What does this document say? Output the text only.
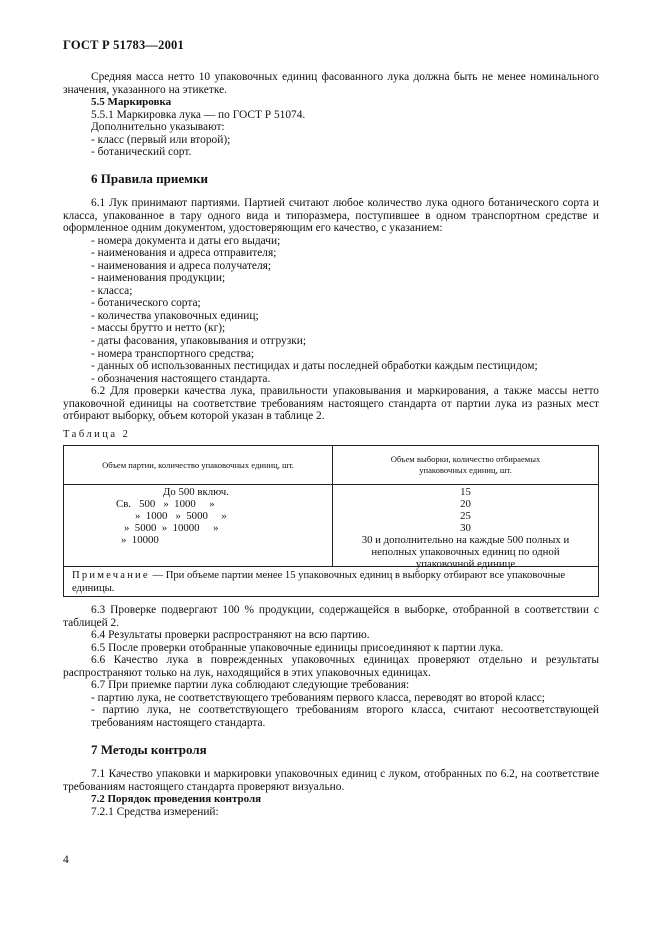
ГОСТ Р 51783—2001

Средняя масса нетто 10 упаковочных единиц фасованного лука должна быть не менее номинального значения, указанного на этикетке.

5.5 Маркировка

5.5.1 Маркировка лука — по ГОСТ Р 51074.

Дополнительно указывают:

- класс (первый или второй);

- ботанический сорт.

6 Правила приемки

6.1 Лук принимают партиями. Партией считают любое количество лука одного ботанического сорта и класса, упакованное в тару одного вида и типоразмера, поступившее в одном транспортном средстве и оформленное одним документом, удостоверяющим его качество, с указанием:

- номера документа и даты его выдачи;

- наименования и адреса отправителя;

- наименования и адреса получателя;

- наименования продукции;

- класса;

- ботанического сорта;

- количества упаковочных единиц;

- массы брутто и нетто (кг);

- даты фасования, упаковывания и отгрузки;

- номера транспортного средства;

- данных об использованных пестицидах и даты последней обработки каждым пестицидом;

- обозначения настоящего стандарта.

6.2 Для проверки качества лука, правильности упаковывания и маркирования, а также массы нетто упаковочной единицы на соответствие требованиям настоящего стандарта от партии лука из разных мест отбирают выборку, объем которой указан в таблице 2.

Таблица 2
Объем партии, количество упаковочных единиц, шт.
Объем выборки, количество отбираемых упаковочных единиц, шт.
До 500 включ.
Св.   500   »  1000     »
»  1000   »  5000     »
»  5000  »  10000     »
»  10000
15
20
25
30
30 и дополнительно на каждые 500 полных и
неполных упаковочных единиц по одной
упаковочной единице
Примечание — При объеме партии менее 15 упаковочных единиц в выборку отбирают все упаковочные единицы.

6.3 Проверке подвергают 100 % продукции, содержащейся в выборке, отобранной в соответствии с таблицей 2.

6.4 Результаты проверки распространяют на всю партию.

6.5 После проверки отобранные упаковочные единицы присоединяют к партии лука.

6.6 Качество лука в поврежденных упаковочных единицах проверяют отдельно и результаты распространяют только на лук, находящийся в этих упаковочных единицах.

6.7 При приемке партии лука соблюдают следующие требования:

- партию лука, не соответствующего требованиям первого класса, переводят во второй класс;

- партию лука, не соответствующего требованиям второго класса, считают несоответствующей требованиям настоящего стандарта.

7 Методы контроля

7.1 Качество упаковки и маркировки упаковочных единиц с луком, отобранных по 6.2, на соответствие требованиям настоящего стандарта проверяют визуально.

7.2 Порядок проведения контроля

7.2.1 Средства измерений:

4
